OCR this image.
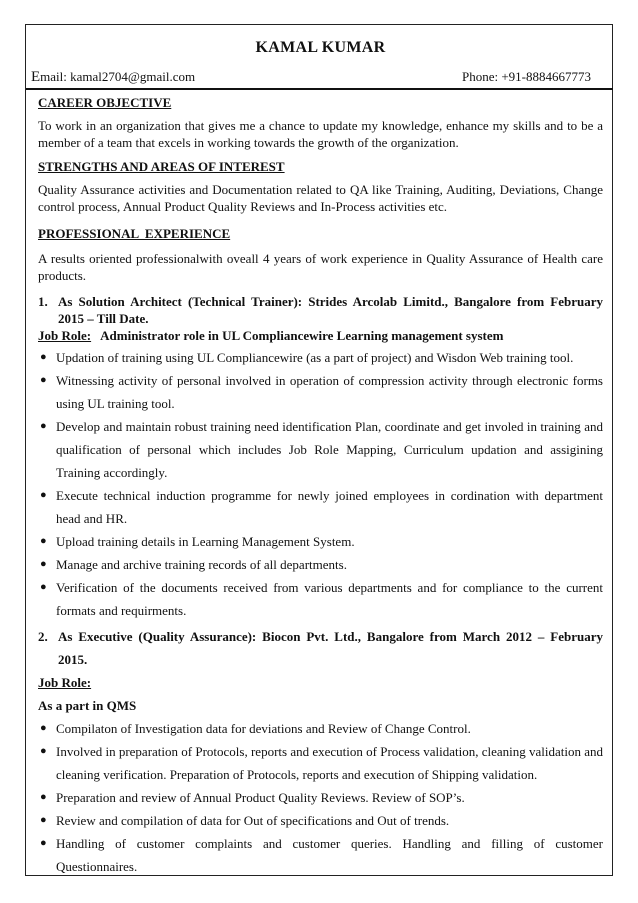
KAMAL KUMAR
Email: kamal2704@gmail.com	Phone: +91-8884667773
CAREER OBJECTIVE

To work in an organization that gives me a chance to update my knowledge, enhance my skills and to be a member of a team that excels in working towards the growth of the organization.

STRENGTHS AND AREAS OF INTEREST

Quality Assurance activities and Documentation related to QA like Training, Auditing, Deviations, Change control process, Annual Product Quality Reviews and In-Process activities etc.

PROFESSIONAL  EXPERIENCE

A results oriented professionalwith oveall 4 years of work experience in Quality Assurance of Health care products.

1. As Solution Architect (Technical Trainer): Strides Arcolab Limitd., Bangalore from February 2015 – Till Date.

Job Role: Administrator role in UL Compliancewire Learning management system

● Updation of training using UL Compliancewire (as a part of project) and Wisdon Web training tool.
● Witnessing activity of personal involved in operation of compression activity through electronic forms using UL training tool.
● Develop and maintain robust training need identification Plan, coordinate and get involed in training and qualification of personal which includes Job Role Mapping, Curriculum updation and assigining Training accordingly.
● Execute technical induction programme for newly joined employees in cordination with department head and HR.
● Upload training details in Learning Management System.
● Manage and archive training records of all departments.
● Verification of the documents received from various departments and for compliance to the current formats and requirments.
2. As Executive (Quality Assurance): Biocon Pvt. Ltd., Bangalore from March 2012 – February 2015.

Job Role:

As a part in QMS

● Compilaton of Investigation data for deviations and Review of Change Control.
● Involved in preparation of Protocols, reports and execution of Process validation, cleaning validation and cleaning verification. Preparation of Protocols, reports and execution of Shipping validation.
● Preparation and review of Annual Product Quality Reviews. Review of SOP’s.
● Review and compilation of data for Out of specifications and Out of trends.
● Handling of customer complaints and customer queries. Handling and filling of customer Questionnaires.
